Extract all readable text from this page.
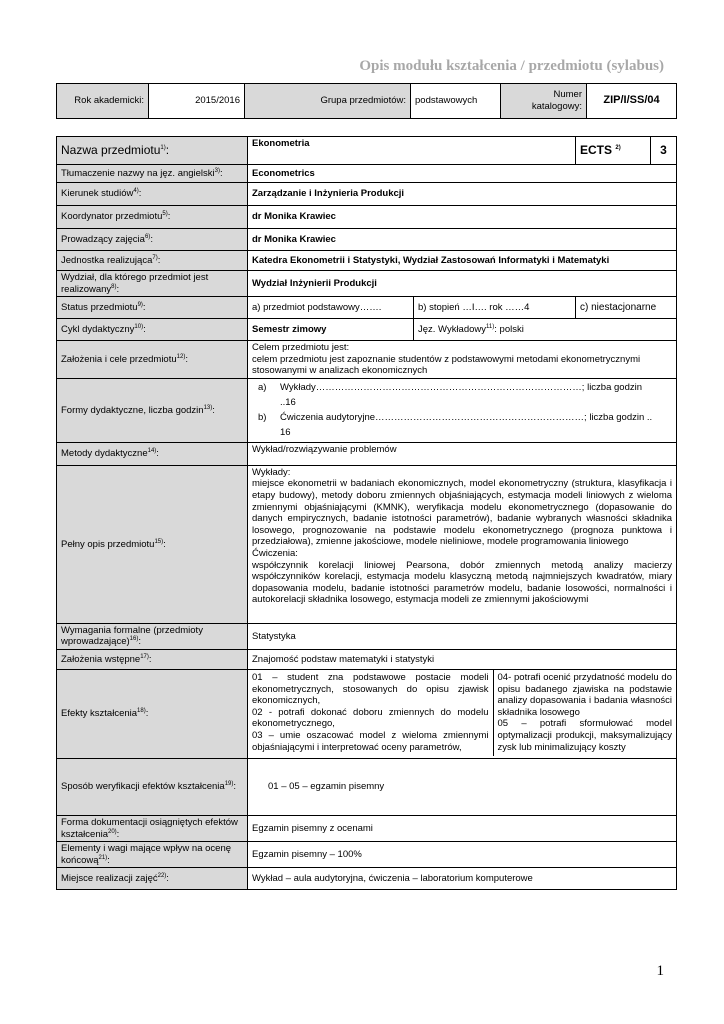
Opis modułu kształcenia / przedmiotu (sylabus)
Rok akademicki:	2015/2016	Grupa przedmiotów:	podstawowych	Numer katalogowy:	ZIP/I/SS/04
Nazwa przedmiotu$^{1)}$:	Ekonometria	ECTS $^{2)}$	3
Tłumaczenie nazwy na jęz. angielski$^{3)}$:	Econometrics
Kierunek studiów$^{4)}$:	Zarządzanie i Inżynieria Produkcji
Koordynator przedmiotu$^{5)}$:	dr Monika Krawiec
Prowadzący zajęcia$^{6)}$:	dr Monika Krawiec
Jednostka realizująca$^{7)}$:	Katedra Ekonometrii i Statystyki, Wydział Zastosowań Informatyki i Matematyki
Wydział, dla którego przedmiot jest realizowany$^{8)}$:	Wydział Inżynierii Produkcji
Status przedmiotu$^{9)}$:	a) przedmiot podstawowy…….	b) stopień …I…. rok ……4	c) niestacjonarne
Cykl dydaktyczny$^{10)}$:	Semestr zimowy	Jęz. Wykładowy$^{11)}$: polski
Założenia i cele przedmiotu$^{12)}$:	
Celem przedmiotu jest:
celem przedmiotu jest zapoznanie studentów z podstawowymi metodami ekonometrycznymi stosowanymi w analizach ekonomicznych

Formy dydaktyczne, liczba godzin$^{13)}$:	
a)	Wykłady…………………………………………………………………………; liczba godzin
..16
b)	Ćwiczenia audytoryjne…………………………………………………………; liczba godzin ..
16

Metody dydaktyczne$^{14)}$:	Wykład/rozwiązywanie problemów
Pełny opis przedmiotu$^{15)}$:	
Wykłady:
miejsce ekonometrii w badaniach ekonomicznych, model ekonometryczny (struktura, klasyfikacja i etapy budowy), metody doboru zmiennych objaśniających, estymacja modeli liniowych z wieloma zmiennymi objaśniającymi (KMNK), weryfikacja modelu ekonometrycznego (dopasowanie do danych empirycznych, badanie istotności parametrów), badanie wybranych własności składnika losowego, prognozowanie na podstawie modelu ekonometrycznego (prognoza punktowa i przedziałowa), zmienne jakościowe, modele nieliniowe, modele programowania liniowego
Ćwiczenia:
współczynnik korelacji liniowej Pearsona, dobór zmiennych metodą analizy macierzy współczynników korelacji, estymacja modelu klasyczną metodą najmniejszych kwadratów, miary dopasowania modelu, badanie istotności parametrów modelu, badanie losowości, normalności i autokorelacji składnika losowego, estymacja modeli ze zmiennymi jakościowymi

Wymagania formalne (przedmioty wprowadzające)$^{16)}$:	Statystyka
Założenia wstępne$^{17)}$:	Znajomość podstaw matematyki i statystyki
Efekty kształcenia$^{18)}$:	
01 – student zna podstawowe postacie modeli ekonometrycznych, stosowanych do opisu zjawisk ekonomicznych,
02 - potrafi dokonać doboru zmiennych do modelu ekonometrycznego,
03 – umie oszacować model z wieloma zmiennymi objaśniającymi i interpretować oceny parametrów,	04- potrafi ocenić przydatność modelu do opisu badanego zjawiska na podstawie analizy dopasowania i badania własności składnika losowego
05 – potrafi sformułować model optymalizacji produkcji, maksymalizujący zysk lub minimalizujący koszty

Sposób weryfikacji efektów kształcenia$^{19)}$:	01 – 05 – egzamin pisemny
Forma dokumentacji osiągniętych efektów kształcenia$^{20)}$:	Egzamin pisemny z ocenami
Elementy i wagi mające wpływ na ocenę końcową$^{21)}$:	Egzamin pisemny – 100%
Miejsce realizacji zajęć$^{22)}$:	Wykład – aula audytoryjna, ćwiczenia – laboratorium komputerowe
1
